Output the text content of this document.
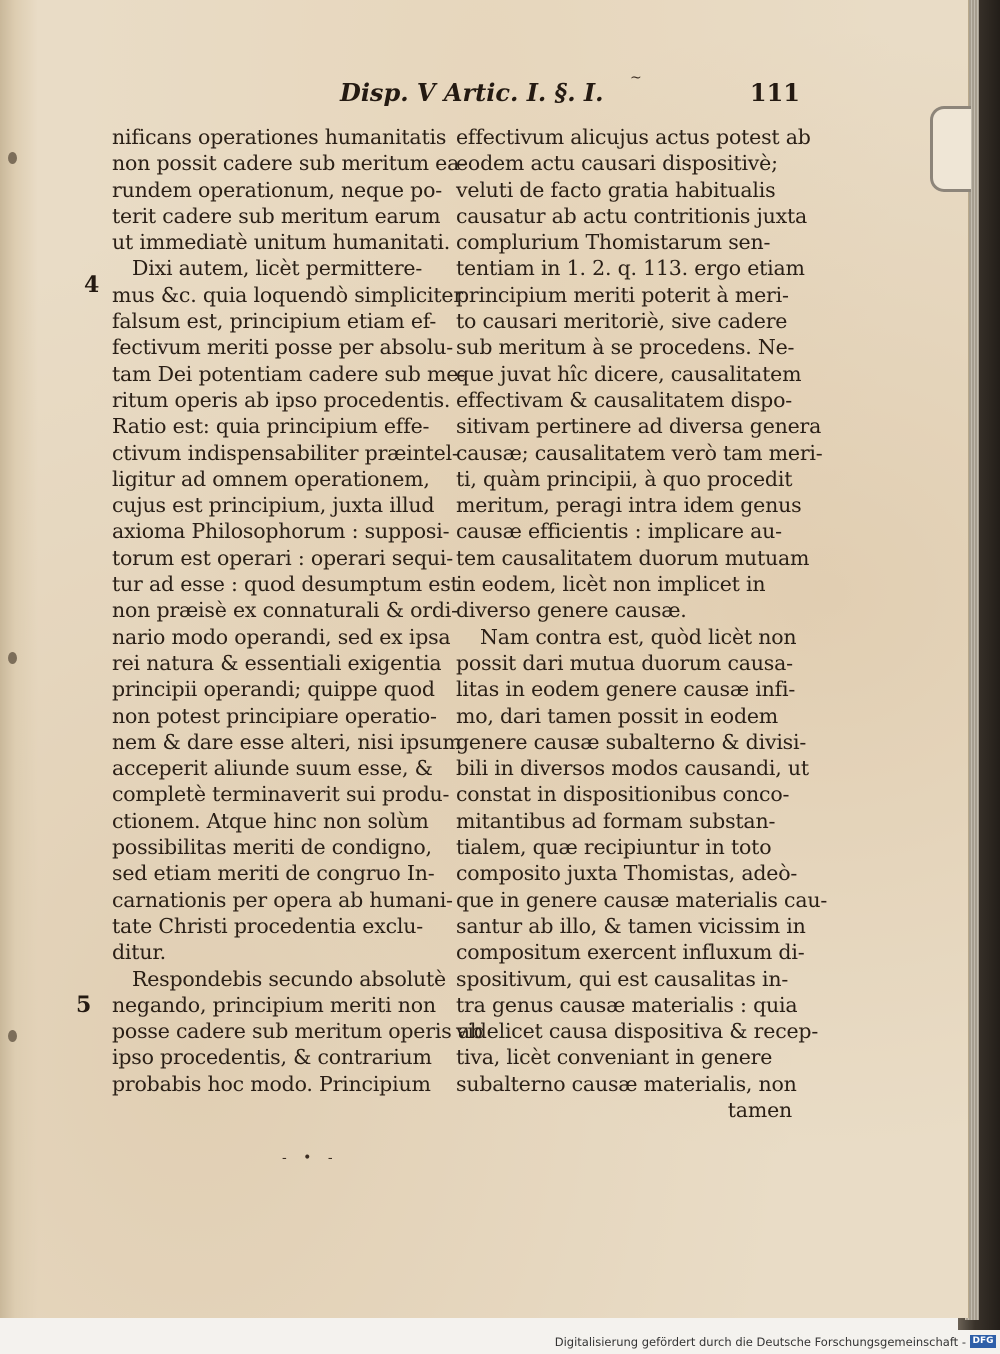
Disp. V Artic. I. §. I. ~	111
4
5
nificans operationes humanitatis
non possit cadere sub meritum ea-
rundem operationum, neque po-
terit cadere sub meritum earum
ut immediatè unitum humanitati.
Dixi autem, licèt permittere-
mus &c. quia loquendò simpliciter
falsum est, principium etiam ef-
fectivum meriti posse per absolu-
tam Dei potentiam cadere sub me-
ritum operis ab ipso procedentis.
Ratio est: quia principium effe-
ctivum indispensabiliter præintel-
ligitur ad omnem operationem,
cujus est principium, juxta illud
axioma Philosophorum : supposi-
torum est operari : operari sequi-
tur ad esse : quod desumptum est
non præisè ex connaturali & ordi-
nario modo operandi, sed ex ipsa
rei natura & essentiali exigentia
principii operandi; quippe quod
non potest principiare operatio-
nem & dare esse alteri, nisi ipsum
acceperit aliunde suum esse, &
completè terminaverit sui produ-
ctionem. Atque hinc non solùm
possibilitas meriti de condigno,
sed etiam meriti de congruo In-
carnationis per opera ab humani-
tate Christi procedentia exclu-
ditur.
Respondebis secundo absolutè
negando, principium meriti non
posse cadere sub meritum operis ab
ipso procedentis, & contrarium
probabis hoc modo. Principium
effectivum alicujus actus potest ab
eodem actu causari dispositivè;
veluti de facto gratia habitualis
causatur ab actu contritionis juxta
complurium Thomistarum sen-
tentiam in 1. 2. q. 113. ergo etiam
principium meriti poterit à meri-
to causari meritoriè, sive cadere
sub meritum à se procedens. Ne-
que juvat hîc dicere, causalitatem
effectivam & causalitatem dispo-
sitivam pertinere ad diversa genera
causæ; causalitatem verò tam meri-
ti, quàm principii, à quo procedit
meritum, peragi intra idem genus
causæ efficientis : implicare au-
tem causalitatem duorum mutuam
in eodem, licèt non implicet in
diverso genere causæ.
Nam contra est, quòd licèt non
possit dari mutua duorum causa-
litas in eodem genere causæ infi-
mo, dari tamen possit in eodem
genere causæ subalterno & divisi-
bili in diversos modos causandi, ut
constat in dispositionibus conco-
mitantibus ad formam substan-
tialem, quæ recipiuntur in toto
composito juxta Thomistas, adeò-
que in genere causæ materialis cau-
santur ab illo, & tamen vicissim in
compositum exercent influxum di-
spositivum, qui est causalitas in-
tra genus causæ materialis : quia
videlicet causa dispositiva & recep-
tiva, licèt conveniant in genere
subalterno causæ materialis, non
tamen
- • -
Digitalisierung gefördert durch die Deutsche Forschungsgemeinschaft - DFG
